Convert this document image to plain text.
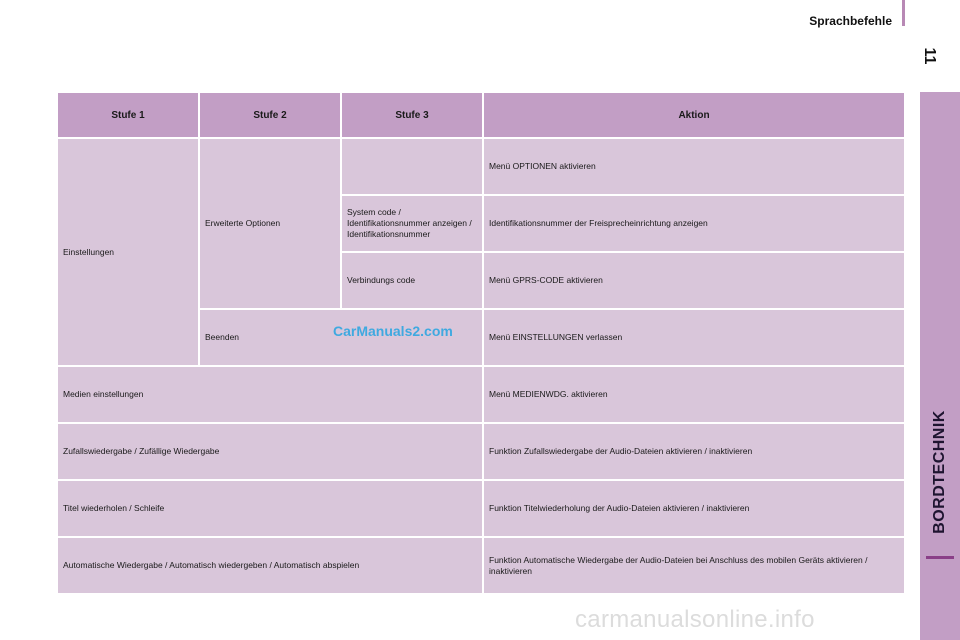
Sprachbefehle
11
BORDTECHNIK
Stufe 1	Stufe 2	Stufe 3	Aktion
Einstellungen	Erweiterte Optionen		Menü OPTIONEN aktivieren
		System code / Identifikationsnummer anzeigen / Identifikationsnummer	Identifikationsnummer der Freisprecheinrichtung anzeigen
		Verbindungs code	Menü GPRS-CODE aktivieren
	Beenden		Menü EINSTELLUNGEN verlassen
Medien einstellungen			Menü MEDIENWDG. aktivieren
Zufallswiedergabe / Zufällige Wiedergabe			Funktion Zufallswiedergabe der Audio-Dateien aktivieren / inaktivieren
Titel wiederholen / Schleife			Funktion Titelwiederholung der Audio-Dateien aktivieren / inaktivieren
Automatische Wiedergabe / Automatisch wiedergeben / Automatisch abspielen			Funktion Automatische Wiedergabe der Audio-Dateien bei Anschluss des mobilen Geräts aktivieren / inaktivieren
CarManuals2.com
carmanualsonline.info
